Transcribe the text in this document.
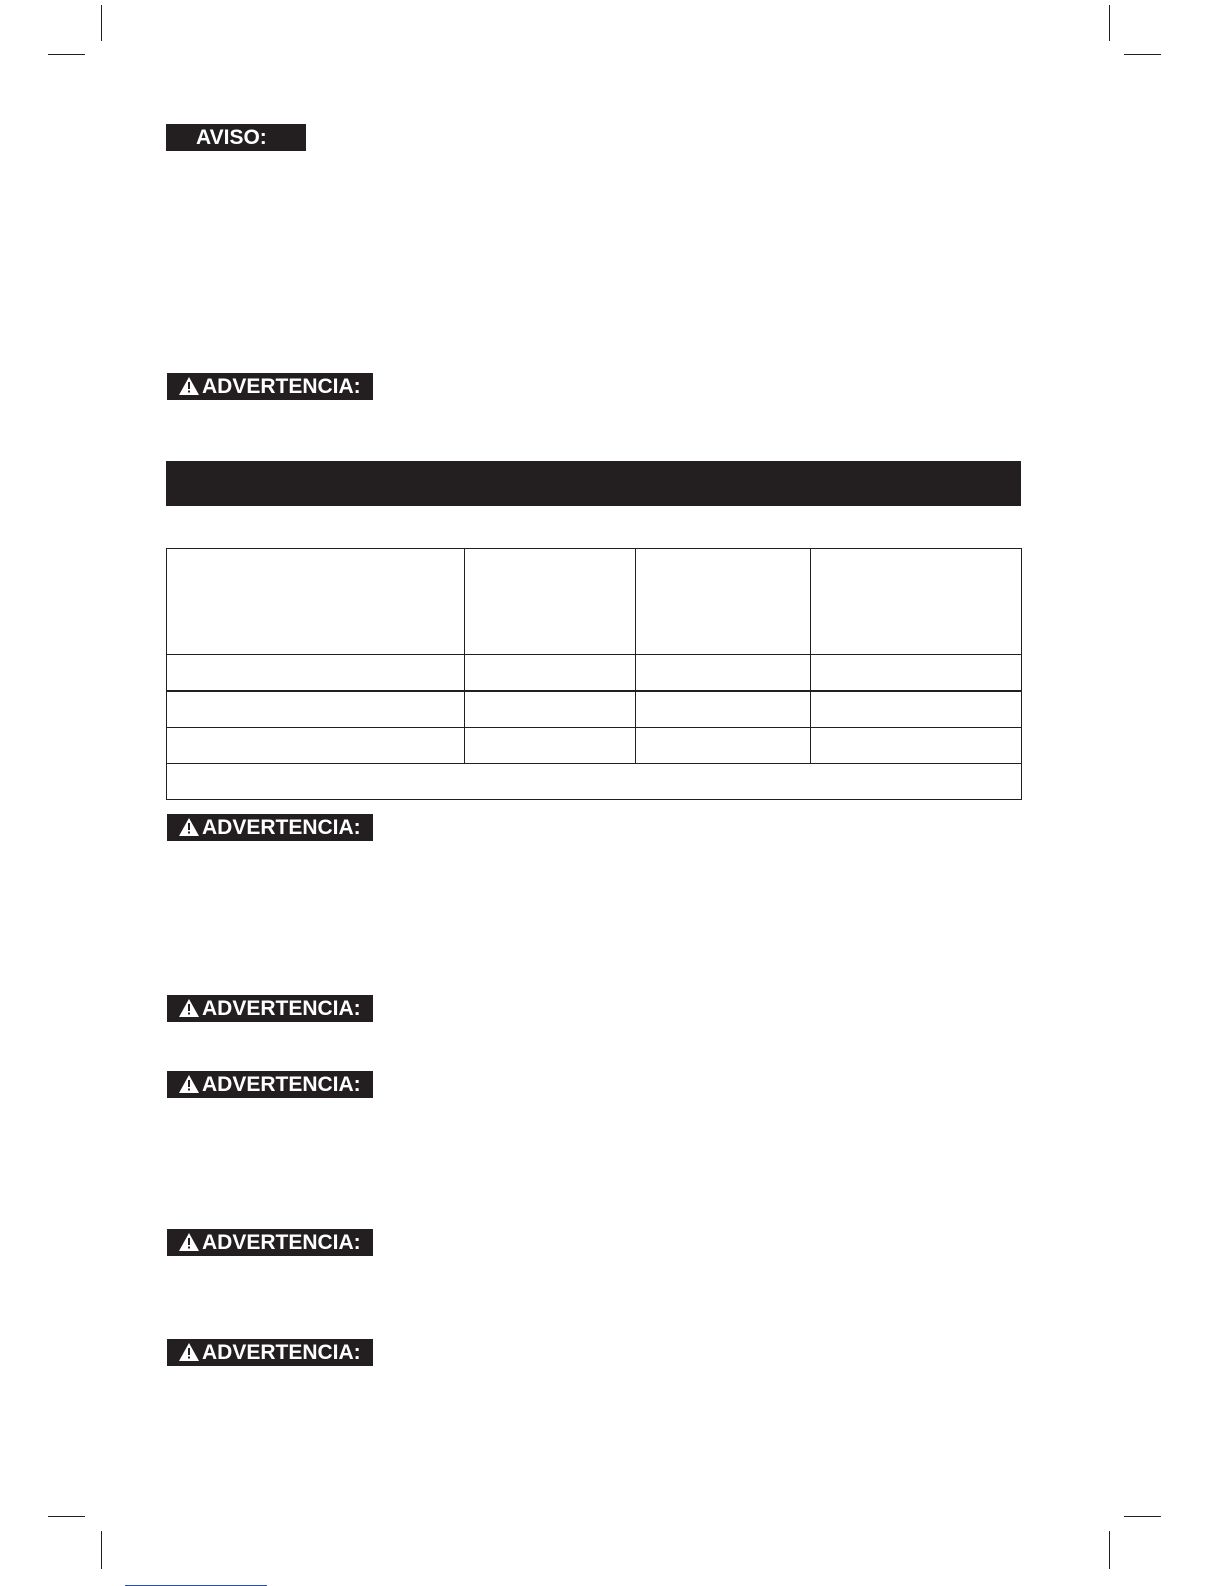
AVISO:
ADVERTENCIA:

ADVERTENCIA:
ADVERTENCIA:
ADVERTENCIA:
ADVERTENCIA:
ADVERTENCIA:
